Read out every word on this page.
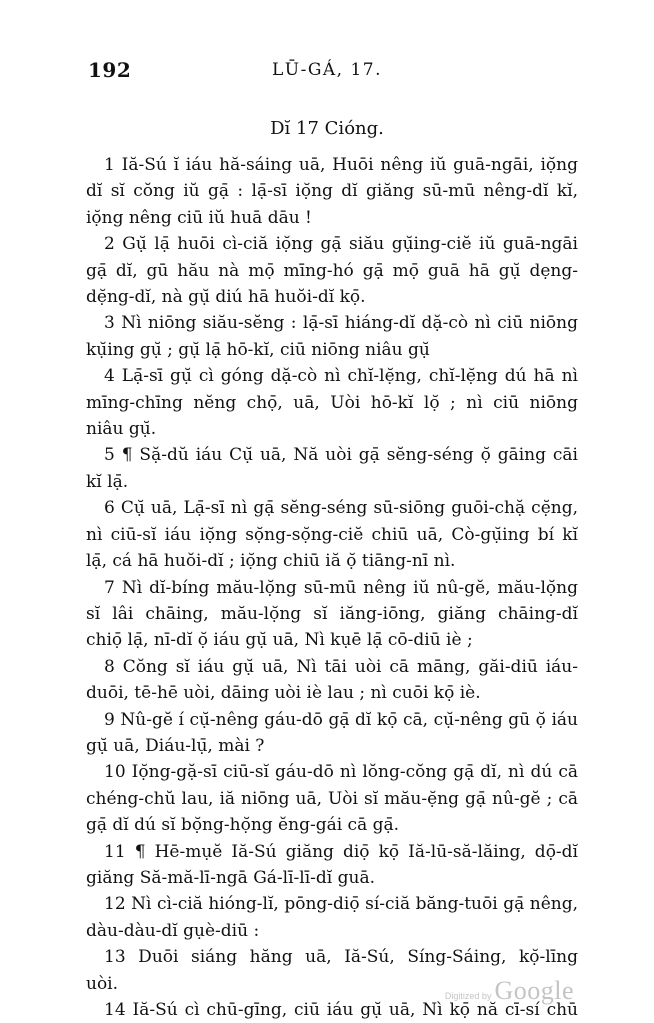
192	LŪ-GÁ, 17.
Dĭ 17 Cióng.
1 Iă-Sú ĭ iáu hă-sáing uā, Huōi nêng iŭ guā-ngāi, iọ̆ng
dĭ sĭ cŏng iŭ gạ̄ : lạ̄-sī iọ̆ng dĭ giăng sū-mū nêng-dĭ kĭ,
iọ̆ng nêng ciū iŭ huā dāu !
2 Gụ̆ lạ̄ huōi cì-ciă iọ̆ng gạ̄ siău gụ̆ing-ciĕ iŭ guā-ngāi
gạ̄ dĭ, gū hău nà mọ̄ mīng-hó gạ̄ mọ̄ guā hā gụ̆ dẹng-
dẹ̆ng-dĭ, nà gụ̆ diú hā huŏi-dĭ kọ̄.
3 Nì niōng siău-sĕng : lạ̄-sī hiáng-dĭ dặ-cò nì ciū niōng
kụ̆ing gụ̆ ; gụ̆ lạ̄ hō-kĭ, ciū niōng niâu gụ̆
4 Lạ̄-sī gụ̆ cì góng dặ-cò nì chĭ-lẹ̆ng, chĭ-lẹ̆ng dú hā nì
mīng-chīng nĕng chọ̄, uā, Uòi hō-kĭ lọ̆ ; nì ciū niōng
niâu gụ̆.
5 ¶ Sặ-dŭ iáu Cụ̆ uā, Nă uòi gạ̄ sĕng-séng ọ̆ gāing cāi
kĭ lạ̄.
6 Cụ̆ uā, Lạ̄-sī nì gạ̄ sĕng-séng sū-siōng guōi-chặ cẹ̆ng,
nì ciū-sĭ iáu iọ̆ng sọ̆ng-sọ̆ng-ciĕ chiū uā, Cò-gụ̆ing bí kĭ
lạ̄, cá hā huŏi-dĭ ; iọ̆ng chiū iă ọ̆ tiāng-nī nì.
7 Nì dĭ-bíng mău-lọ̆ng sū-mū nêng iŭ nû-gĕ, mău-lọ̆ng
sĭ lâi chāing, mău-lọ̆ng sĭ iăng-iōng, giăng chāing-dĭ
chiọ̄ lạ̄, nī-dĭ ọ̆ iáu gụ̆ uā, Nì kụē lạ̄ cō-diū iè ;
8 Cŏng sĭ iáu gụ̆ uā, Nì tāi uòi cā māng, găi-diū iáu-
duōi, tē-hē uòi, dāing uòi iè lau ; nì cuōi kọ̄ iè.
9 Nû-gĕ í cụ̆-nêng gáu-dō gạ̄ dĭ kọ̄ cā, cụ̆-nêng gū ọ̆ iáu
gụ̆ uā, Diáu-lụ̄, mài ?
10 Iọ̆ng-gặ-sī ciū-sĭ gáu-dō nì lŏng-cŏng gạ̄ dĭ, nì dú cā
chéng-chŭ lau, iă niōng uā, Uòi sĭ mău-ẹ̆ng gạ̄ nû-gĕ ; cā
gạ̄ dĭ dú sĭ bọ̆ng-họ̆ng ĕng-gái cā gạ̄.
11 ¶ Hē-mụĕ Iă-Sú giăng diọ̄ kọ̄ Iă-lū-să-lăing, dọ̄-dĭ
giăng Să-mă-lī-ngā Gá-lī-lī-dĭ guā.
12 Nì cì-ciă hióng-lĭ, pōng-diọ̄ sí-ciă băng-tuōi gạ̄ nêng,
dàu-dàu-dĭ gụè-diū :
13 Duōi siáng hăng uā, Iă-Sú, Síng-Sáing, kọ̆-līng
uòi.
14 Iă-Sú cì chū-gīng, ciū iáu gụ̆ uā, Nì kọ̄ nă cī-sí chū
Digitized by Google
